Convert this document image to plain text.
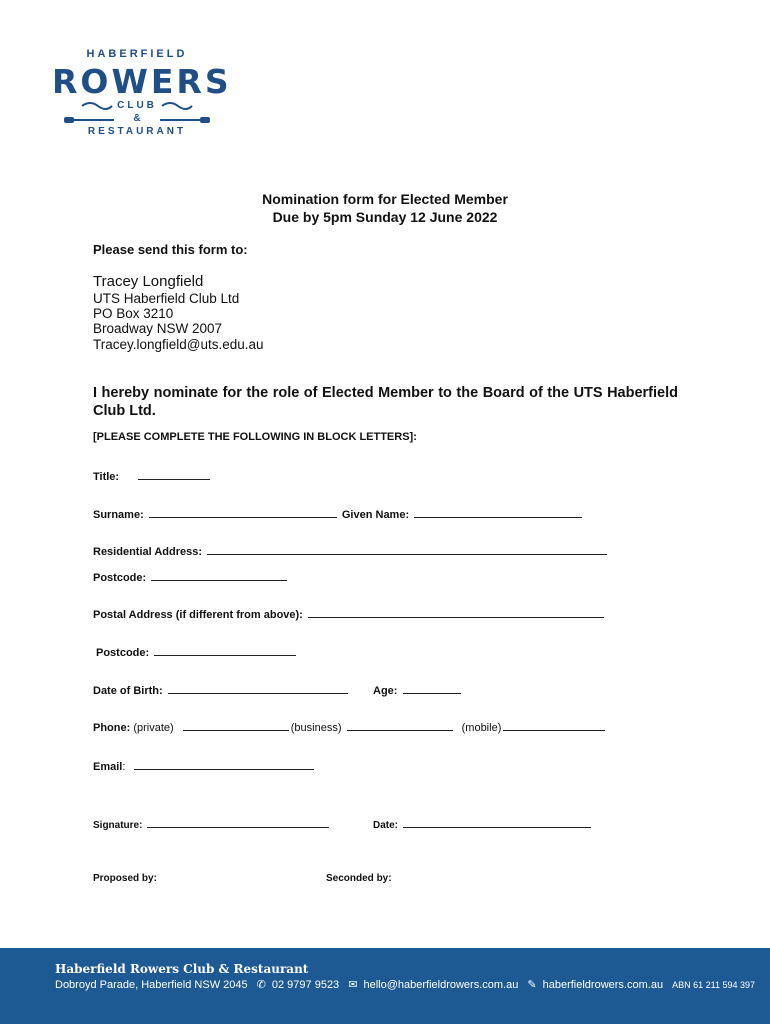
HABERFIELD
ROWERS
CLUB
&
RESTAURANT
Nomination form for Elected Member
Due by 5pm Sunday 12 June 2022
Please send this form to:
Tracey Longfield
UTS Haberfield Club Ltd
PO Box 3210
Broadway NSW 2007
Tracey.longfield@uts.edu.au
I hereby nominate for the role of Elected Member to the Board of the UTS Haberfield Club Ltd.
[PLEASE COMPLETE THE FOLLOWING IN BLOCK LETTERS]:
Title:
Surname:	Given Name:
Residential Address:
Postcode:
Postal Address (if different from above):
Postcode:
Date of Birth:	Age:
Phone: (private)	(business)	(mobile)
Email:
Signature:	Date:
Proposed by:	Seconded by:
Haberfield Rowers Club & Restaurant
Dobroyd Parade, Haberfield NSW 2045 ✆ 02 9797 9523 ✉ hello@haberfieldrowers.com.au ✎ haberfieldrowers.com.au ABN 61 211 594 397
